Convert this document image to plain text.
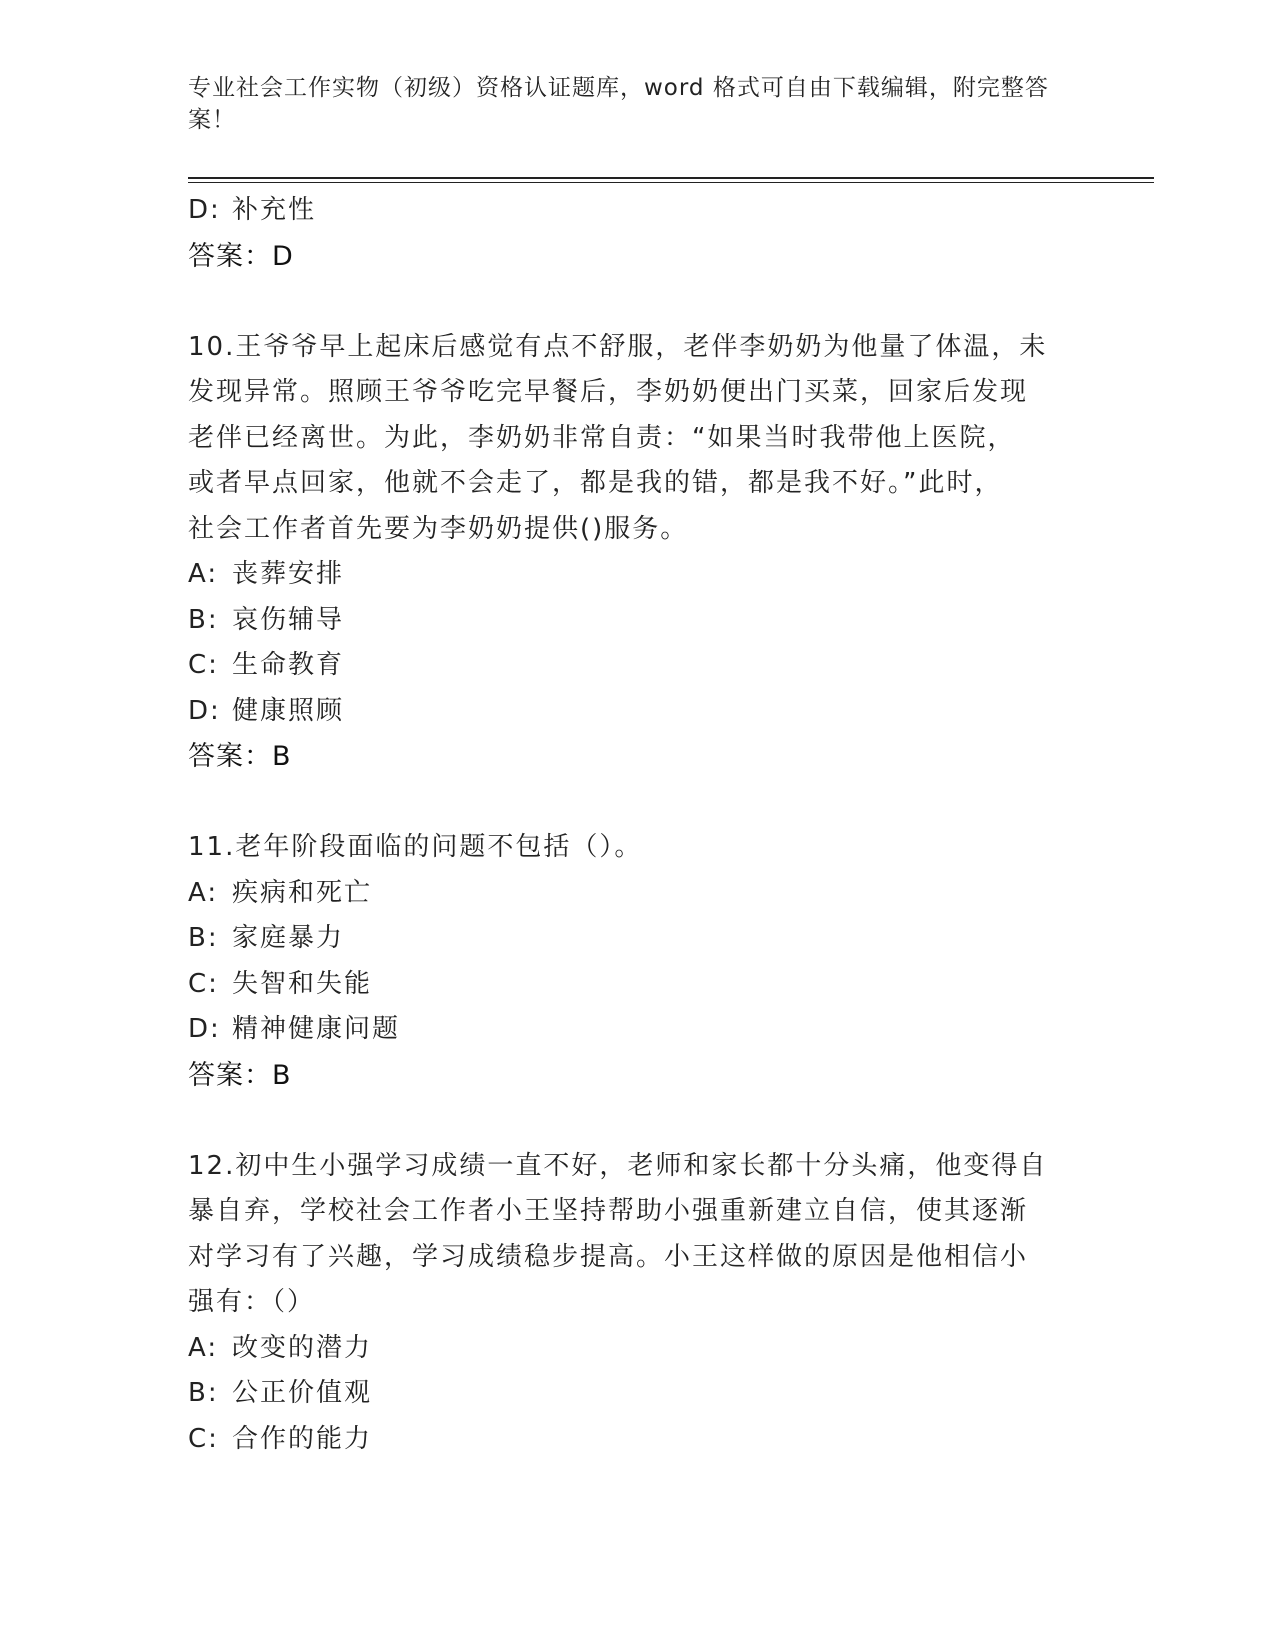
专业社会工作实物（初级）资格认证题库，word 格式可自由下载编辑，附完整答
案！
D: 补充性
答案：D
10.王爷爷早上起床后感觉有点不舒服，老伴李奶奶为他量了体温，未
发现异常。照顾王爷爷吃完早餐后，李奶奶便出门买菜，回家后发现
老伴已经离世。为此，李奶奶非常自责：“如果当时我带他上医院，
或者早点回家，他就不会走了，都是我的错，都是我不好。”此时，
社会工作者首先要为李奶奶提供()服务。
A: 丧葬安排
B: 哀伤辅导
C: 生命教育
D: 健康照顾
答案：B
11.老年阶段面临的问题不包括（）。
A: 疾病和死亡
B: 家庭暴力
C: 失智和失能
D: 精神健康问题
答案：B
12.初中生小强学习成绩一直不好，老师和家长都十分头痛，他变得自
暴自弃，学校社会工作者小王坚持帮助小强重新建立自信，使其逐渐
对学习有了兴趣，学习成绩稳步提高。小王这样做的原因是他相信小
强有：（）
A: 改变的潜力
B: 公正价值观
C: 合作的能力
